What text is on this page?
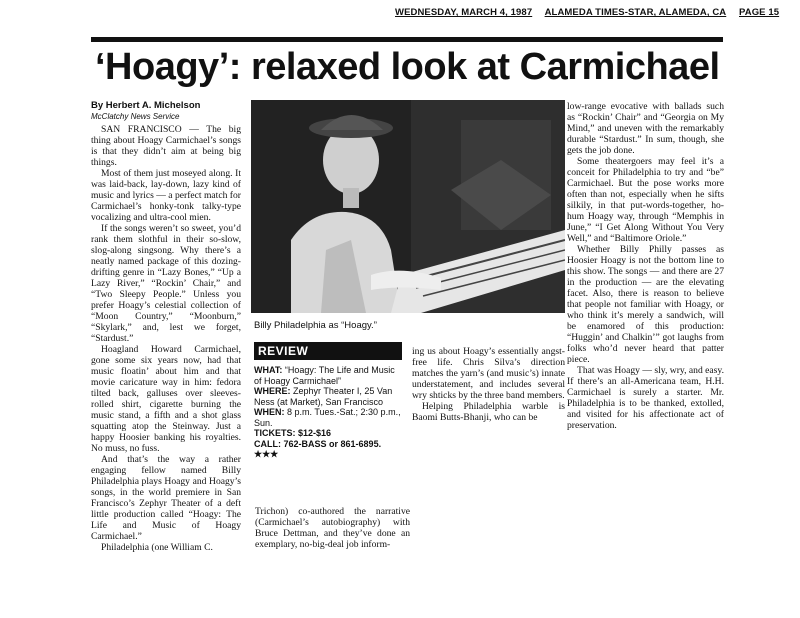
WEDNESDAY, MARCH 4, 1987 ALAMEDA TIMES-STAR, ALAMEDA, CA PAGE 15
‘Hoagy’: relaxed look at Carmichael
By Herbert A. Michelson
McClatchy News Service

SAN FRANCISCO — The big thing about Hoagy Carmichael’s songs is that they didn’t aim at being big things.

Most of them just moseyed along. It was laid-back, lay-down, lazy kind of music and lyrics — a perfect match for Carmichael’s honky-tonk talky-type vocalizing and ultra-cool mien.

If the songs weren’t so sweet, you’d rank them slothful in their so-slow, slog-along singsong. Why there’s a neatly named package of this dozing-drifting genre in “Lazy Bones,” “Up a Lazy River,” “Rockin’ Chair,” and “Two Sleepy People.” Unless you prefer Hoagy’s celestial collection of “Moon Country,” “Moonburn,” “Skylark,” and, lest we forget, “Stardust.”

Hoagland Howard Carmichael, gone some six years now, had that music floatin’ about him and that movie caricature way in him: fedora tilted back, galluses over sleeves-rolled shirt, cigarette burning the music stand, a fifth and a shot glass squatting atop the Steinway. Just a happy Hoosier banking his royalties. No muss, no fuss.

And that’s the way a rather engaging fellow named Billy Philadelphia plays Hoagy and Hoagy’s songs, in the world premiere in San Francisco’s Zephyr Theater of a deft little production called “Hoagy: The Life and Music of Hoagy Carmichael.”

Philadelphia (one William C.

Billy Philadelphia as “Hoagy.”
REVIEW
WHAT: “Hoagy: The Life and Music of Hoagy Carmichael”
WHERE: Zephyr Theater I, 25 Van Ness (at Market), San Francisco
WHEN: 8 p.m. Tues.-Sat.; 2:30 p.m., Sun.
TICKETS: $12-$16
CALL: 762-BASS or 861-6895.
★★★

Trichon) co-authored the narrative (Carmichael’s autobiography) with Bruce Dettman, and they’ve done an exemplary, no-big-deal job inform-

ing us about Hoagy’s essentially angst-free life. Chris Silva’s direction matches the yarn’s (and music’s) innate understatement, and includes several wry shticks by the three band members.

Helping Philadelphia warble is Baomi Butts-Bhanji, who can be

low-range evocative with ballads such as “Rockin’ Chair” and “Georgia on My Mind,” and uneven with the remarkably durable “Stardust.” In sum, though, she gets the job done.

Some theatergoers may feel it’s a conceit for Philadelphia to try and “be” Carmichael. But the pose works more often than not, especially when he sifts silkily, in that put-words-together, ho-hum Hoagy way, through “Memphis in June,” “I Get Along Without You Very Well,” and “Baltimore Oriole.”

Whether Billy Philly passes as Hoosier Hoagy is not the bottom line to this show. The songs — and there are 27 in the production — are the elevating facet. Also, there is reason to believe that people not familiar with Hoagy, or who think it’s merely a sandwich, will be enamored of this production: “Huggin’ and Chalkin’” got laughs from folks who’d never heard that patter piece.

That was Hoagy — sly, wry, and easy. If there’s an all-Americana team, H.H. Carmichael is surely a starter. Mr. Philadelphia is to be thanked, extolled, and visited for his affectionate act of preservation.
